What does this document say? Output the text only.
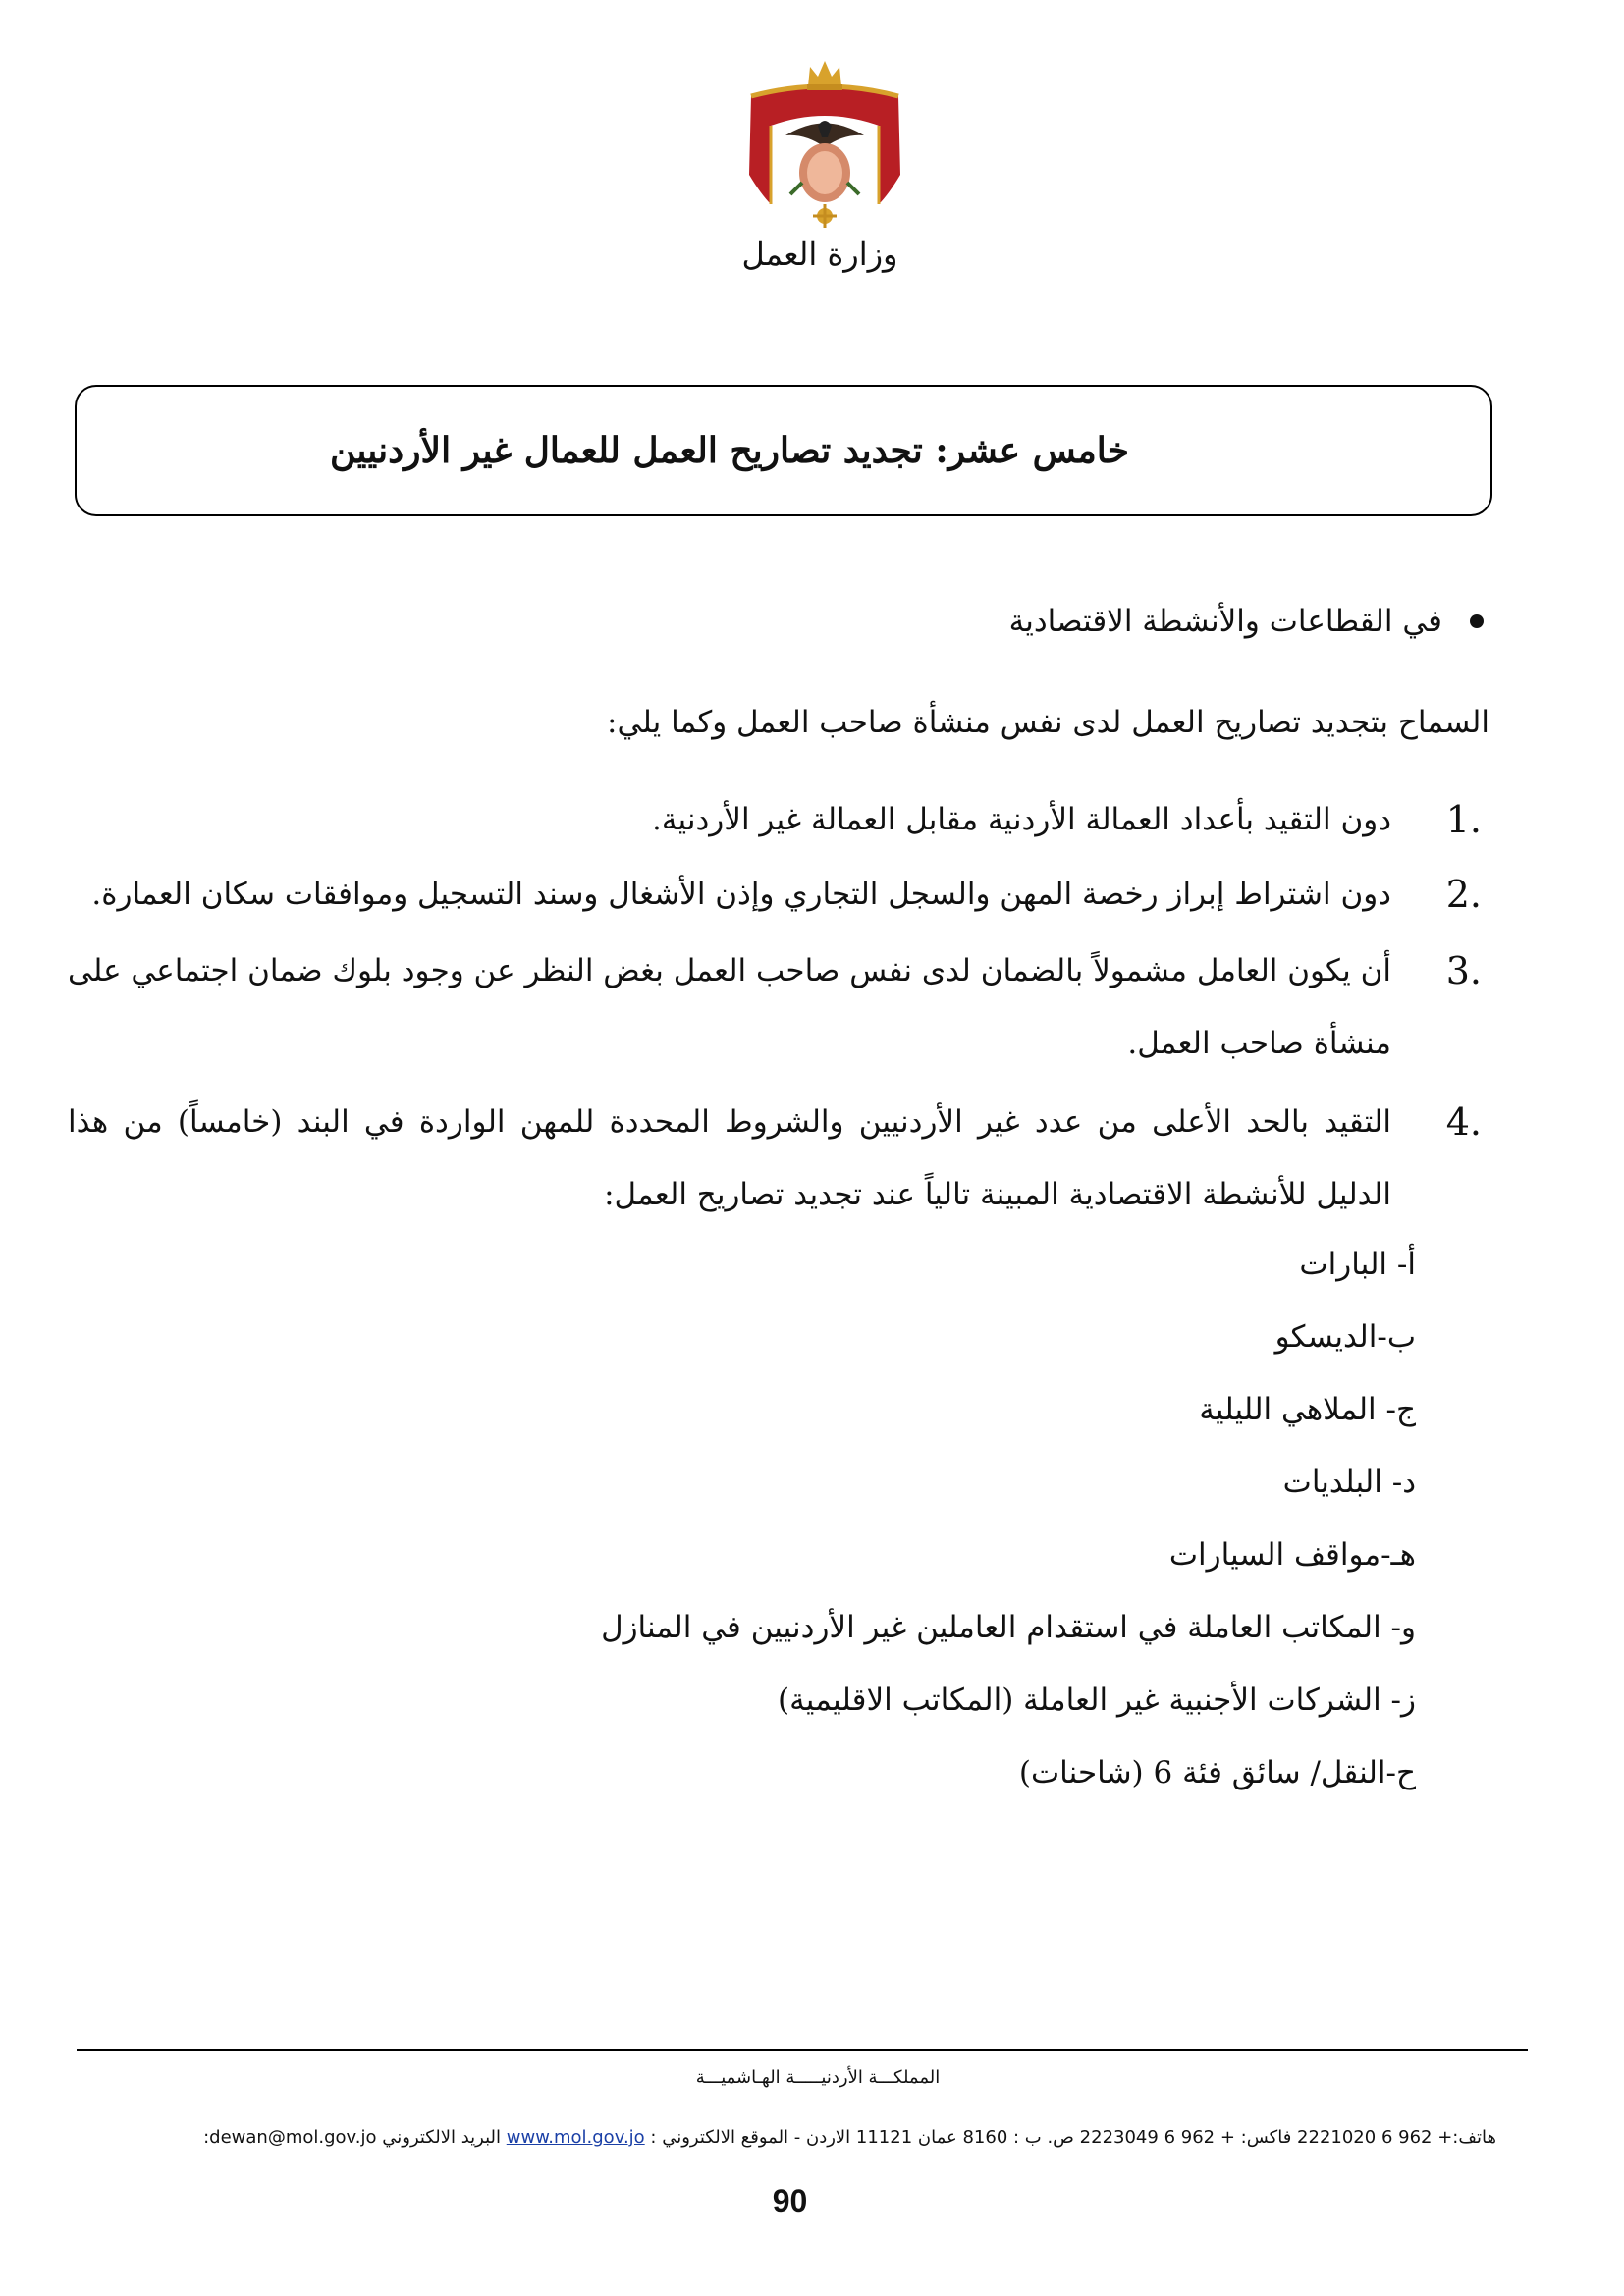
وزارة العمل
خامس عشر: تجديد تصاريح العمل للعمال غير الأردنيين
في القطاعات والأنشطة الاقتصادية
السماح بتجديد تصاريح العمل لدى نفس منشأة صاحب العمل وكما يلي:
.1
دون التقيد بأعداد العمالة الأردنية مقابل العمالة غير الأردنية.
.2
دون اشتراط إبراز رخصة المهن والسجل التجاري وإذن الأشغال وسند التسجيل وموافقات سكان العمارة.
.3
أن يكون العامل مشمولاً بالضمان لدى نفس صاحب العمل بغض النظر عن وجود بلوك ضمان اجتماعي على منشأة صاحب العمل.
.4
التقيد بالحد الأعلى من عدد غير الأردنيين والشروط المحددة للمهن الواردة في البند (خامساً) من هذا الدليل للأنشطة الاقتصادية المبينة تالياً عند تجديد تصاريح العمل:
أ- البارات
ب-الديسكو
ج- الملاهي الليلية
د- البلديات
هـ-مواقف السيارات
و- المكاتب العاملة في استقدام العاملين غير الأردنيين في المنازل
ز- الشركات الأجنبية غير العاملة (المكاتب الاقليمية)
ح-النقل/ سائق فئة 6 (شاحنات)
المملكـــة الأردنيـــــة الهـاشميـــة
هاتف:+ 962 6 2221020 فاكس: + 962 6 2223049 ص. ب : 8160 عمان 11121 الاردن - الموقع الالكتروني : www.mol.gov.jo البريد الالكتروني dewan@mol.gov.jo:
90
